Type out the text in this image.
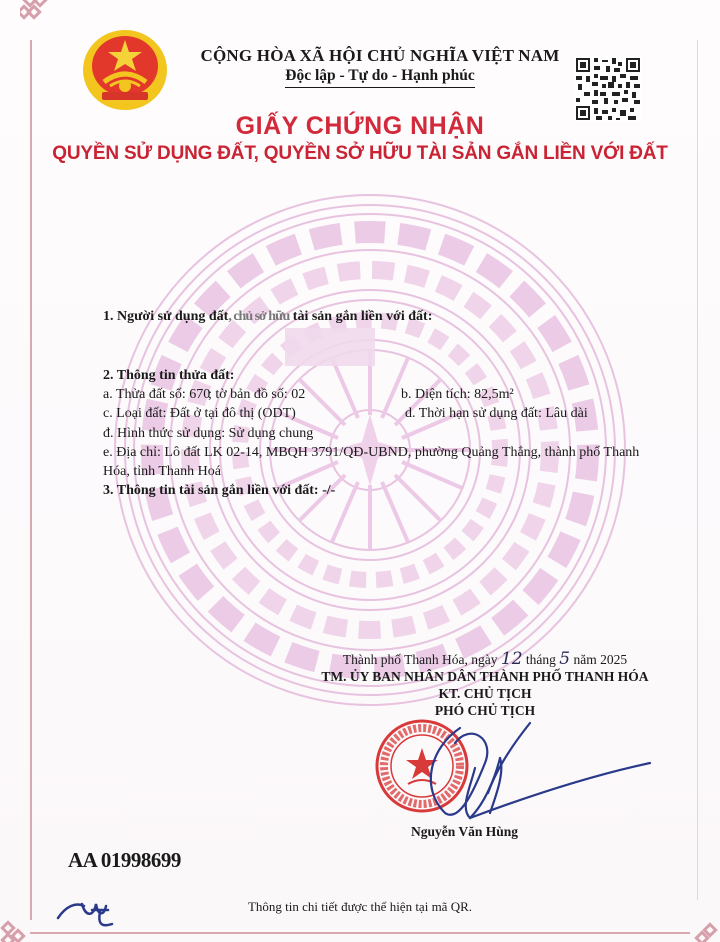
CỘNG HÒA XÃ HỘI CHỦ NGHĨA VIỆT NAM
Độc lập - Tự do - Hạnh phúc
GIẤY CHỨNG NHẬN
QUYỀN SỬ DỤNG ĐẤT, QUYỀN SỞ HỮU TÀI SẢN GẮN LIỀN VỚI ĐẤT
1. Người sử dụng đất, chủ sở hữu tài sản gắn liền với đất:
2. Thông tin thửa đất:
a. Thửa đất số: 670
; tờ bản đồ số: 02	b. Diện tích: 82,5m²
c. Loại đất: Đất ở tại đô thị (ODT)	d. Thời hạn sử dụng đất: Lâu dài
đ. Hình thức sử dụng: Sử dụng chung
e. Địa chỉ: Lô đất LK 02-14, MBQH 3791/QĐ-UBND, phường Quảng Thắng, thành phố Thanh
Hóa, tỉnh Thanh Hoá
3. Thông tin tài sản gắn liền với đất: -/-
Thành phố Thanh Hóa, ngày 12 tháng 5 năm 2025
TM. ỦY BAN NHÂN DÂN THÀNH PHỐ THANH HÓA
KT. CHỦ TỊCH
PHÓ CHỦ TỊCH
Nguyễn Văn Hùng
AA 01998699
Thông tin chi tiết được thể hiện tại mã QR.
